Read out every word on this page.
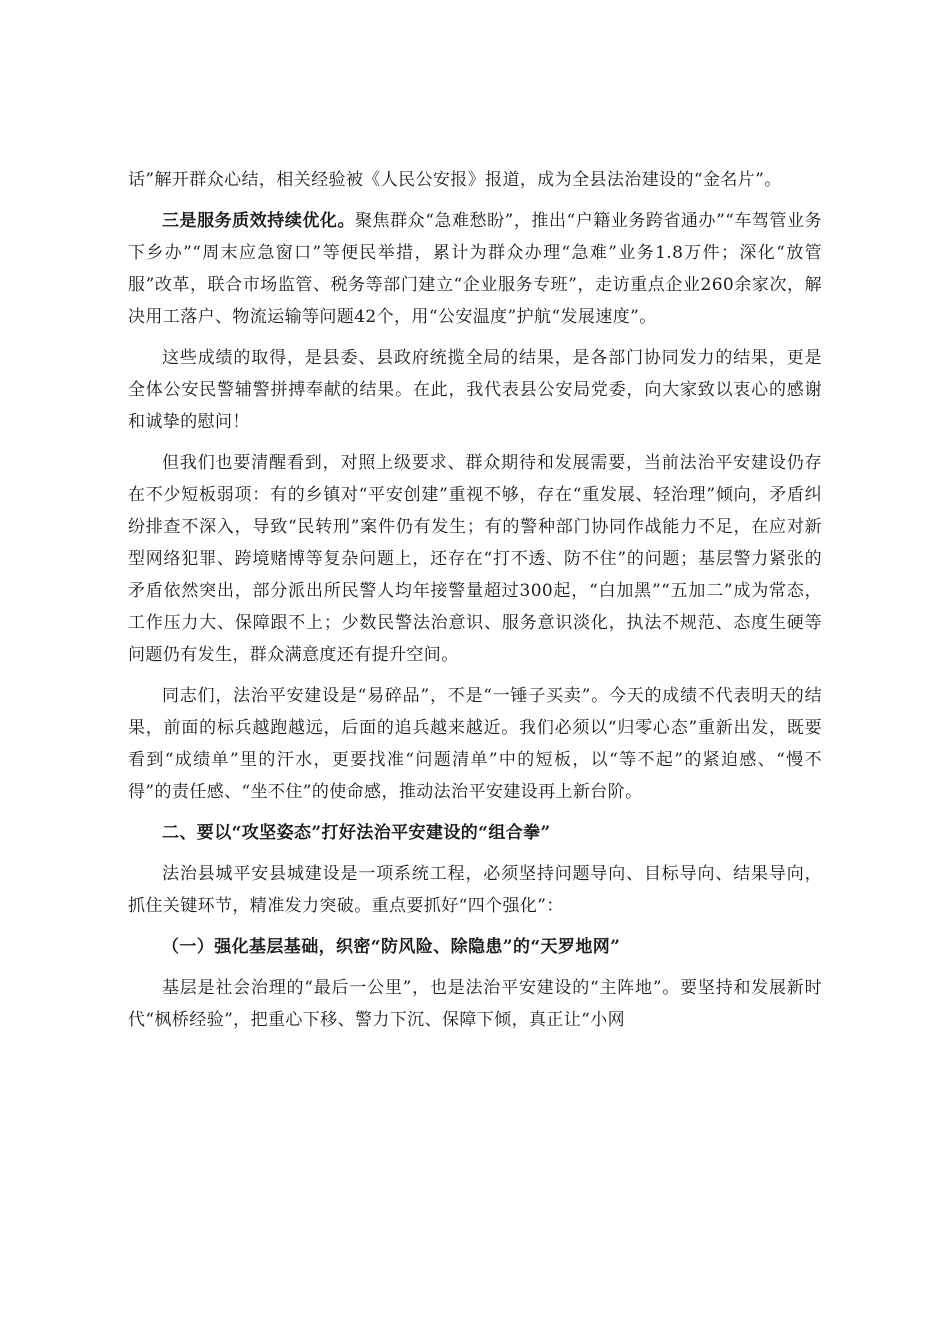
话”解开群众心结，相关经验被《人民公安报》报道，成为全县法治建设的“金名片”。

三是服务质效持续优化。聚焦群众“急难愁盼”，推出“户籍业务跨省通办”“车驾管业务下乡办”“周末应急窗口”等便民举措，累计为群众办理“急难”业务1.8万件；深化“放管服”改革，联合市场监管、税务等部门建立“企业服务专班”，走访重点企业260余家次，解决用工落户、物流运输等问题42个，用“公安温度”护航“发展速度”。

这些成绩的取得，是县委、县政府统揽全局的结果，是各部门协同发力的结果，更是全体公安民警辅警拼搏奉献的结果。在此，我代表县公安局党委，向大家致以衷心的感谢和诚挚的慰问！

但我们也要清醒看到，对照上级要求、群众期待和发展需要，当前法治平安建设仍存在不少短板弱项：有的乡镇对“平安创建”重视不够，存在“重发展、轻治理”倾向，矛盾纠纷排查不深入，导致“民转刑”案件仍有发生；有的警种部门协同作战能力不足，在应对新型网络犯罪、跨境赌博等复杂问题上，还存在“打不透、防不住”的问题；基层警力紧张的矛盾依然突出，部分派出所民警人均年接警量超过300起，“白加黑”“五加二”成为常态，工作压力大、保障跟不上；少数民警法治意识、服务意识淡化，执法不规范、态度生硬等问题仍有发生，群众满意度还有提升空间。

同志们，法治平安建设是“易碎品”，不是“一锤子买卖”。今天的成绩不代表明天的结果，前面的标兵越跑越远，后面的追兵越来越近。我们必须以“归零心态”重新出发，既要看到“成绩单”里的汗水，更要找准“问题清单”中的短板，以“等不起”的紧迫感、“慢不得”的责任感、“坐不住”的使命感，推动法治平安建设再上新台阶。

二、要以“攻坚姿态”打好法治平安建设的“组合拳”

法治县城平安县城建设是一项系统工程，必须坚持问题导向、目标导向、结果导向，抓住关键环节，精准发力突破。重点要抓好“四个强化”：

（一）强化基层基础，织密“防风险、除隐患”的“天罗地网”

基层是社会治理的“最后一公里”，也是法治平安建设的“主阵地”。要坚持和发展新时代“枫桥经验”，把重心下移、警力下沉、保障下倾，真正让“小网
